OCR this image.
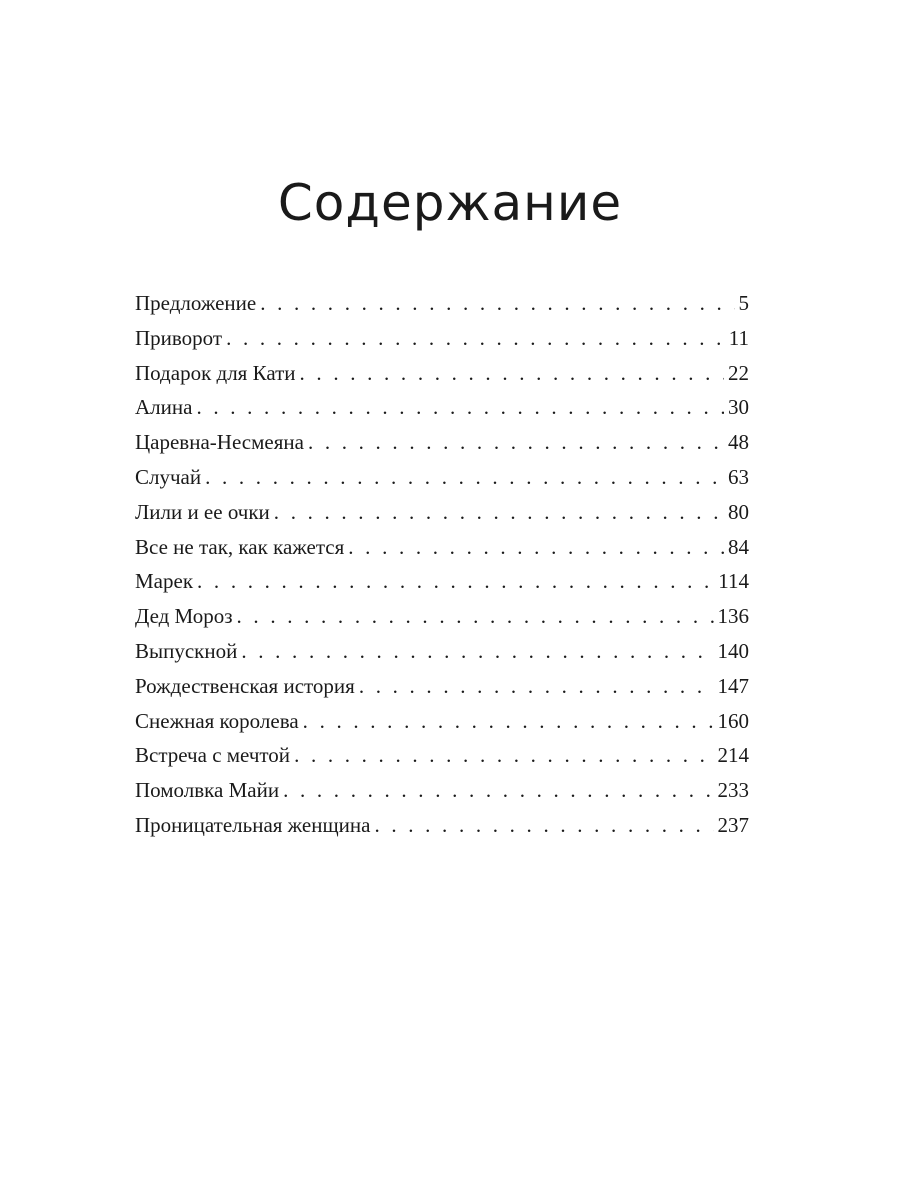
Содержание
Предложение . . .	5
Приворот . . .	11
Подарок для Кати . . .	22
Алина . . .	30
Царевна-Несмеяна . . .	48
Случай . . .	63
Лили и ее очки . . .	80
Все не так, как кажется . . .	84
Марек . . .	114
Дед Мороз . . .	136
Выпускной . . .	140
Рождественская история . . .	147
Снежная королева . . .	160
Встреча с мечтой . . .	214
Помолвка Майи . . .	233
Проницательная женщина . . .	237
